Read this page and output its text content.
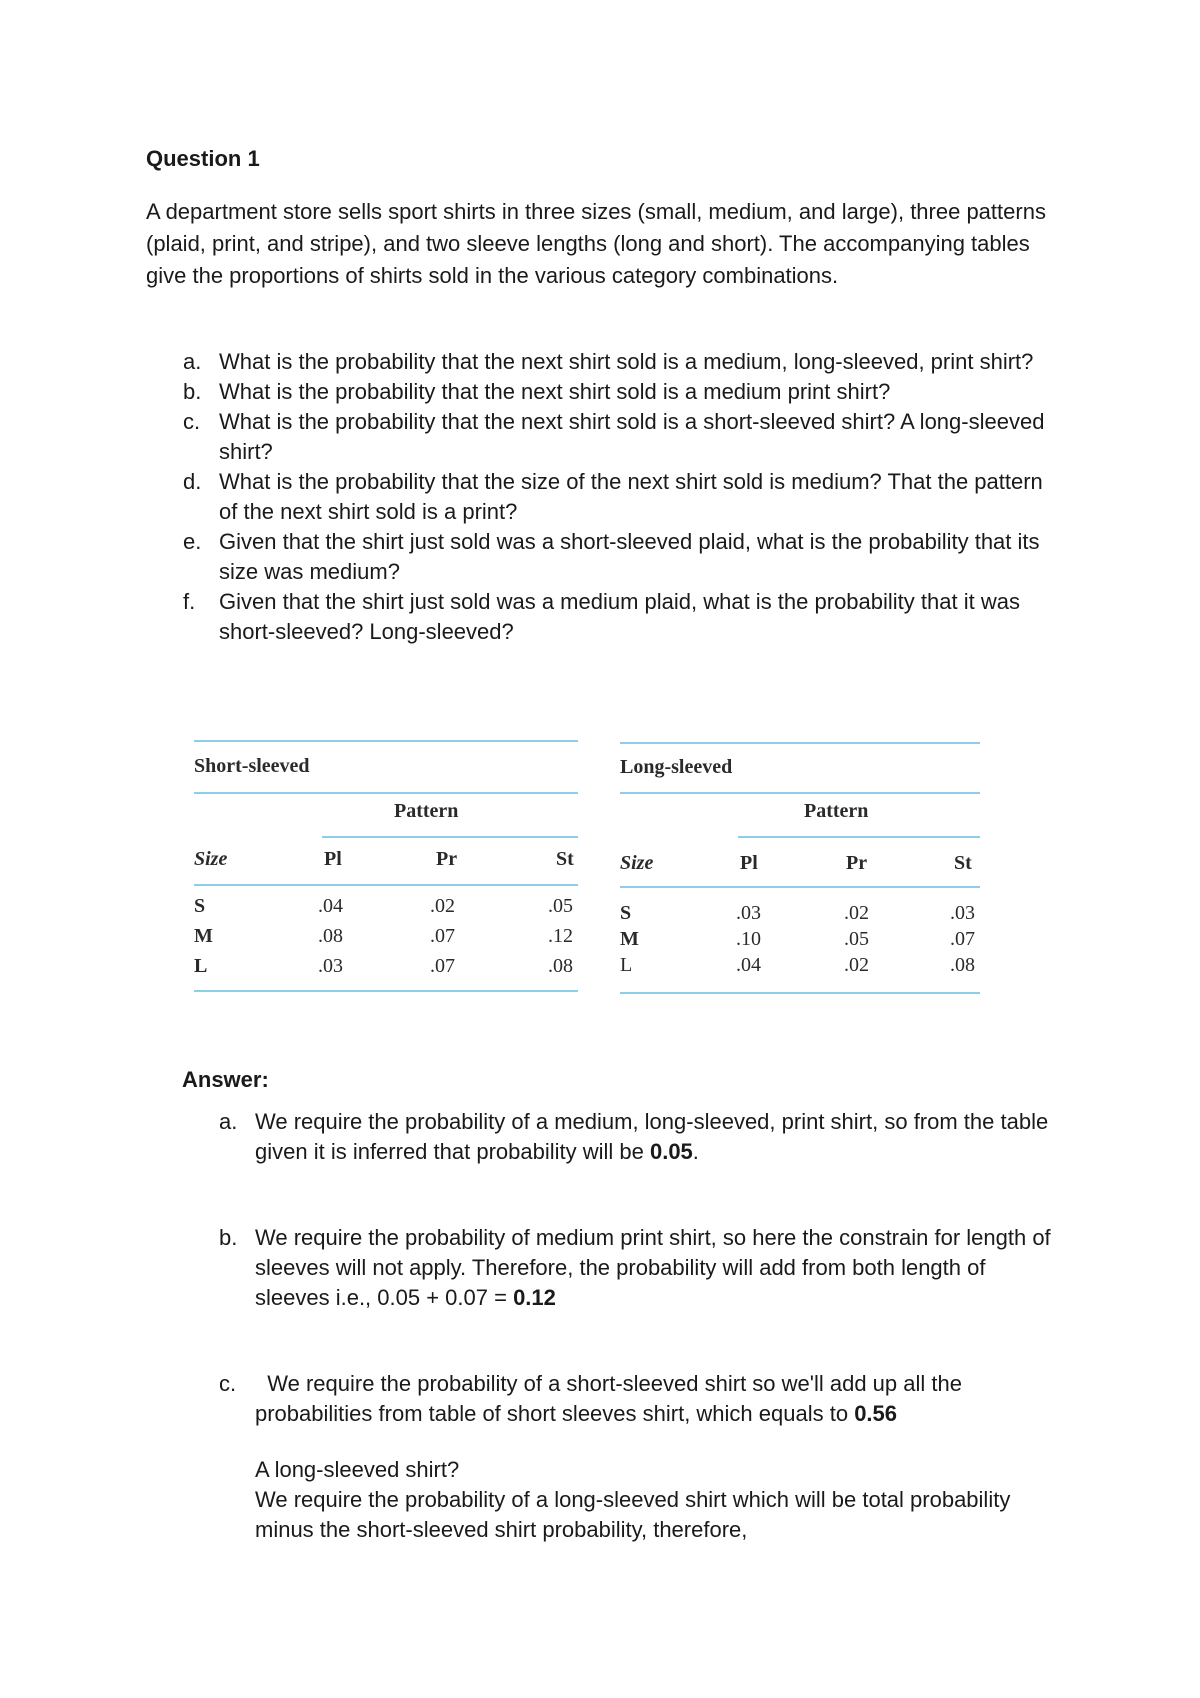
Question 1

A department store sells sport shirts in three sizes (small, medium, and large), three patterns (plaid, print, and stripe), and two sleeve lengths (long and short). The accompanying tables give the proportions of shirts sold in the various category combinations.

a. What is the probability that the next shirt sold is a medium, long-sleeved, print shirt?
b. What is the probability that the next shirt sold is a medium print shirt?
c. What is the probability that the next shirt sold is a short-sleeved shirt? A long-sleeved shirt?
d. What is the probability that the size of the next shirt sold is medium? That the pattern of the next shirt sold is a print?
e. Given that the shirt just sold was a short-sleeved plaid, what is the probability that its size was medium?
f. Given that the shirt just sold was a medium plaid, what is the probability that it was short-sleeved? Long-sleeved?
Short-sleeved
Pattern
Size	Pl	Pr	St
S	.04	.02	.05
M	.08	.07	.12
L	.03	.07	.08
Long-sleeved
Pattern
Size	Pl	Pr	St
S	.03	.02	.03
M	.10	.05	.07
L	.04	.02	.08
Answer:
a. We require the probability of a medium, long-sleeved, print shirt, so from the table given it is inferred that probability will be 0.05.
b. We require the probability of medium print shirt, so here the constrain for length of sleeves will not apply. Therefore, the probability will add from both length of sleeves i.e., 0.05 + 0.07 = 0.12
c. We require the probability of a short-sleeved shirt so we'll add up all the probabilities from table of short sleeves shirt, which equals to 0.56
A long-sleeved shirt?
We require the probability of a long-sleeved shirt which will be total probability minus the short-sleeved shirt probability, therefore,
